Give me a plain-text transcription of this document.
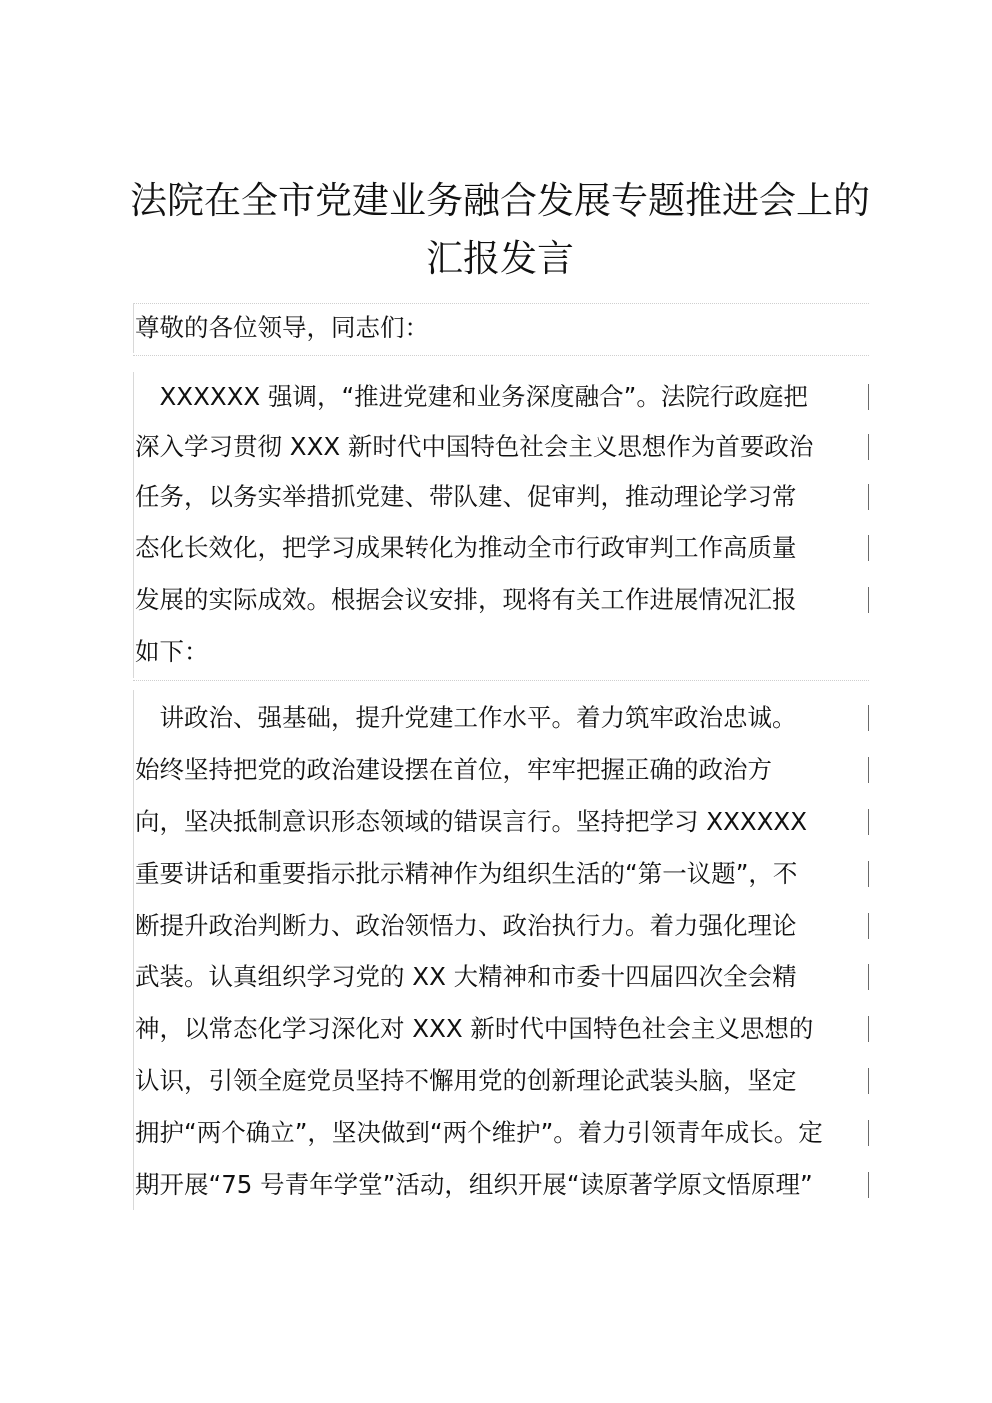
法院在全市党建业务融合发展专题推进会上的
汇报发言
尊敬的各位领导，同志们：
　XXXXXX 强调，“推进党建和业务深度融合”。法院行政庭把
深入学习贯彻 XXX 新时代中国特色社会主义思想作为首要政治
任务，以务实举措抓党建、带队建、促审判，推动理论学习常
态化长效化，把学习成果转化为推动全市行政审判工作高质量
发展的实际成效。根据会议安排，现将有关工作进展情况汇报
如下：
　讲政治、强基础，提升党建工作水平。着力筑牢政治忠诚。
始终坚持把党的政治建设摆在首位，牢牢把握正确的政治方
向，坚决抵制意识形态领域的错误言行。坚持把学习 XXXXXX
重要讲话和重要指示批示精神作为组织生活的“第一议题”，不
断提升政治判断力、政治领悟力、政治执行力。着力强化理论
武装。认真组织学习党的 XX 大精神和市委十四届四次全会精
神，以常态化学习深化对 XXX 新时代中国特色社会主义思想的
认识，引领全庭党员坚持不懈用党的创新理论武装头脑，坚定
拥护“两个确立”，坚决做到“两个维护”。着力引领青年成长。定
期开展“75 号青年学堂”活动，组织开展“读原著学原文悟原理”
